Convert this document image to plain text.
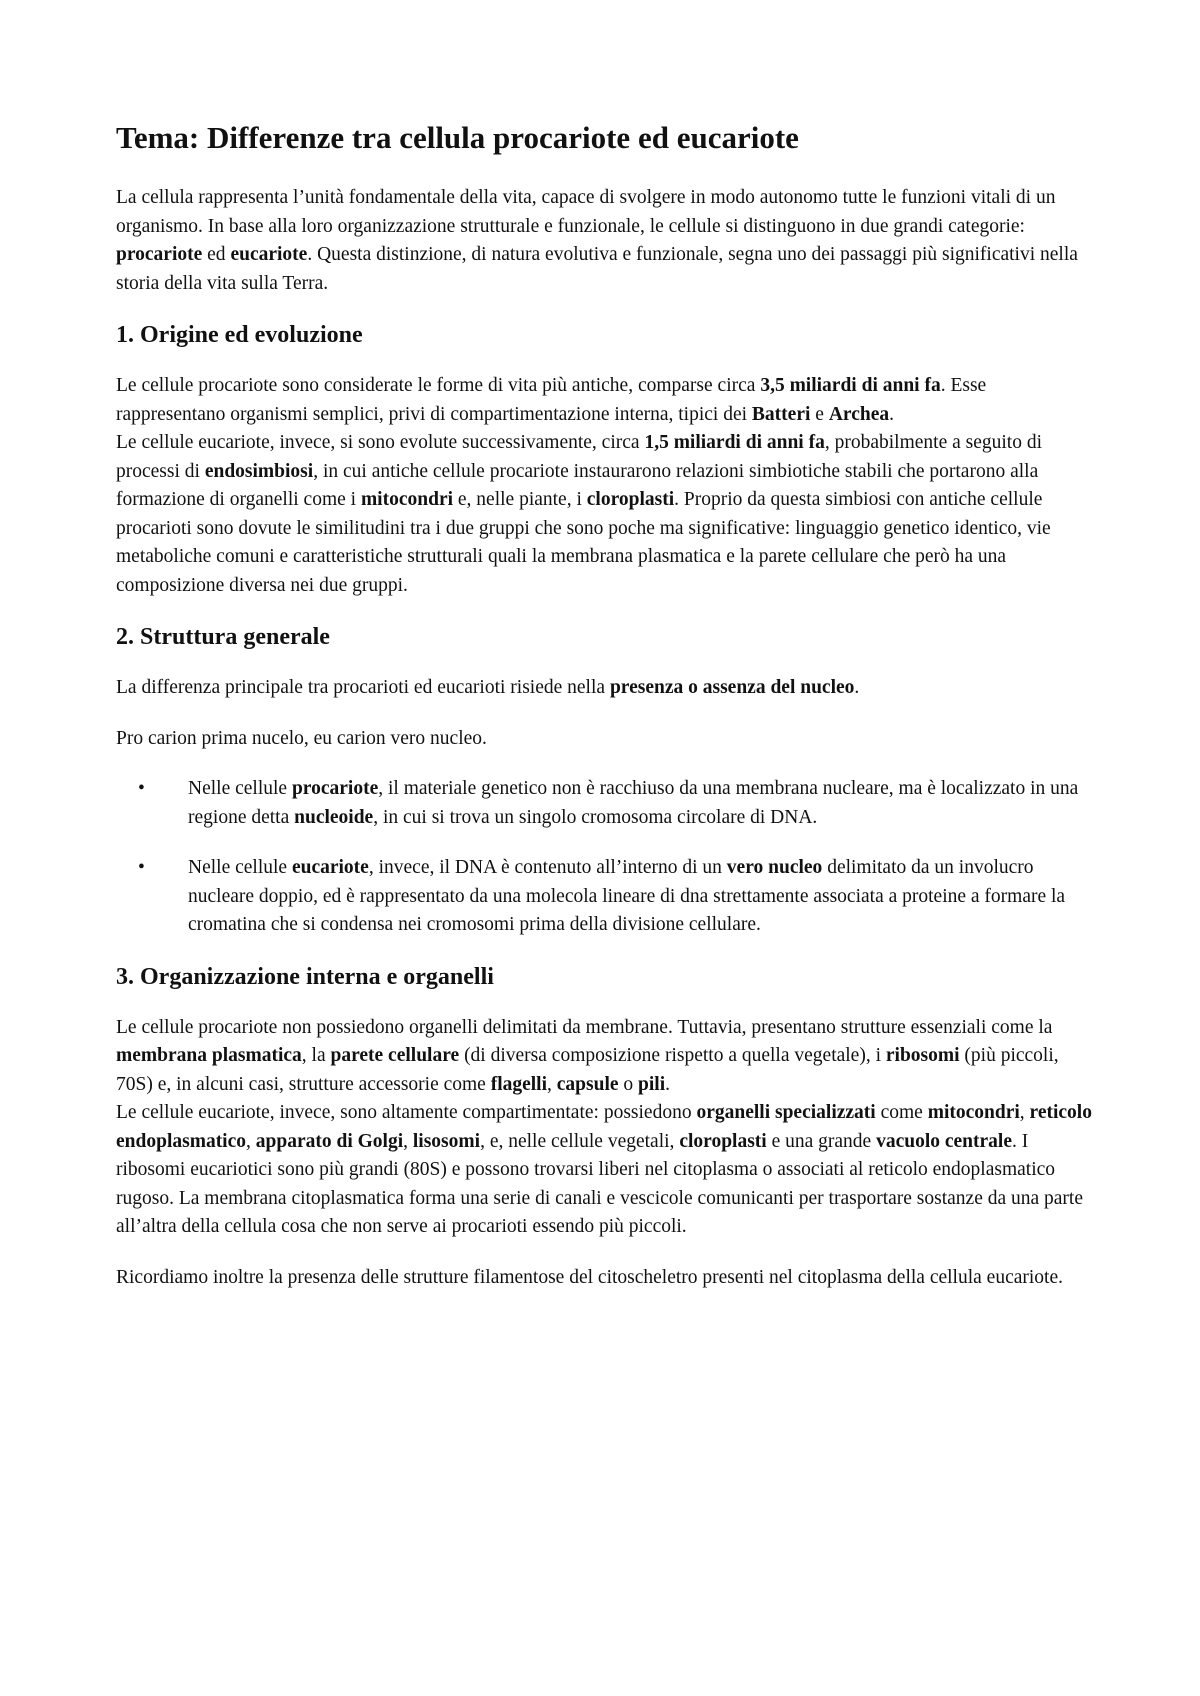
Tema: Differenze tra cellula procariote ed eucariote

La cellula rappresenta l’unità fondamentale della vita, capace di svolgere in modo autonomo tutte le funzioni vitali di un organismo. In base alla loro organizzazione strutturale e funzionale, le cellule si distinguono in due grandi categorie: procariote ed eucariote. Questa distinzione, di natura evolutiva e funzionale, segna uno dei passaggi più significativi nella storia della vita sulla Terra.

1. Origine ed evoluzione

Le cellule procariote sono considerate le forme di vita più antiche, comparse circa 3,5 miliardi di anni fa. Esse rappresentano organismi semplici, privi di compartimentazione interna, tipici dei Batteri e Archea.

Le cellule eucariote, invece, si sono evolute successivamente, circa 1,5 miliardi di anni fa, probabilmente a seguito di processi di endosimbiosi, in cui antiche cellule procariote instaurarono relazioni simbiotiche stabili che portarono alla formazione di organelli come i mitocondri e, nelle piante, i cloroplasti. Proprio da questa simbiosi con antiche cellule procarioti sono dovute le similitudini tra i due gruppi che sono poche ma significative: linguaggio genetico identico, vie metaboliche comuni e caratteristiche strutturali quali la membrana plasmatica e la parete cellulare che però ha una composizione diversa nei due gruppi.

2. Struttura generale

La differenza principale tra procarioti ed eucarioti risiede nella presenza o assenza del nucleo.

Pro carion prima nucelo, eu carion vero nucleo.

• Nelle cellule procariote, il materiale genetico non è racchiuso da una membrana nucleare, ma è localizzato in una regione detta nucleoide, in cui si trova un singolo cromosoma circolare di DNA.
• Nelle cellule eucariote, invece, il DNA è contenuto all’interno di un vero nucleo delimitato da un involucro nucleare doppio, ed è rappresentato da una molecola lineare di dna strettamente associata a proteine a formare la cromatina che si condensa nei cromosomi prima della divisione cellulare.
3. Organizzazione interna e organelli

Le cellule procariote non possiedono organelli delimitati da membrane. Tuttavia, presentano strutture essenziali come la membrana plasmatica, la parete cellulare (di diversa composizione rispetto a quella vegetale), i ribosomi (più piccoli, 70S) e, in alcuni casi, strutture accessorie come flagelli, capsule o pili.

Le cellule eucariote, invece, sono altamente compartimentate: possiedono organelli specializzati come mitocondri, reticolo endoplasmatico, apparato di Golgi, lisosomi, e, nelle cellule vegetali, cloroplasti e una grande vacuolo centrale. I ribosomi eucariotici sono più grandi (80S) e possono trovarsi liberi nel citoplasma o associati al reticolo endoplasmatico rugoso. La membrana citoplasmatica forma una serie di canali e vescicole comunicanti per trasportare sostanze da una parte all’altra della cellula cosa che non serve ai procarioti essendo più piccoli.

Ricordiamo inoltre la presenza delle strutture filamentose del citoscheletro presenti nel citoplasma della cellula eucariote.
